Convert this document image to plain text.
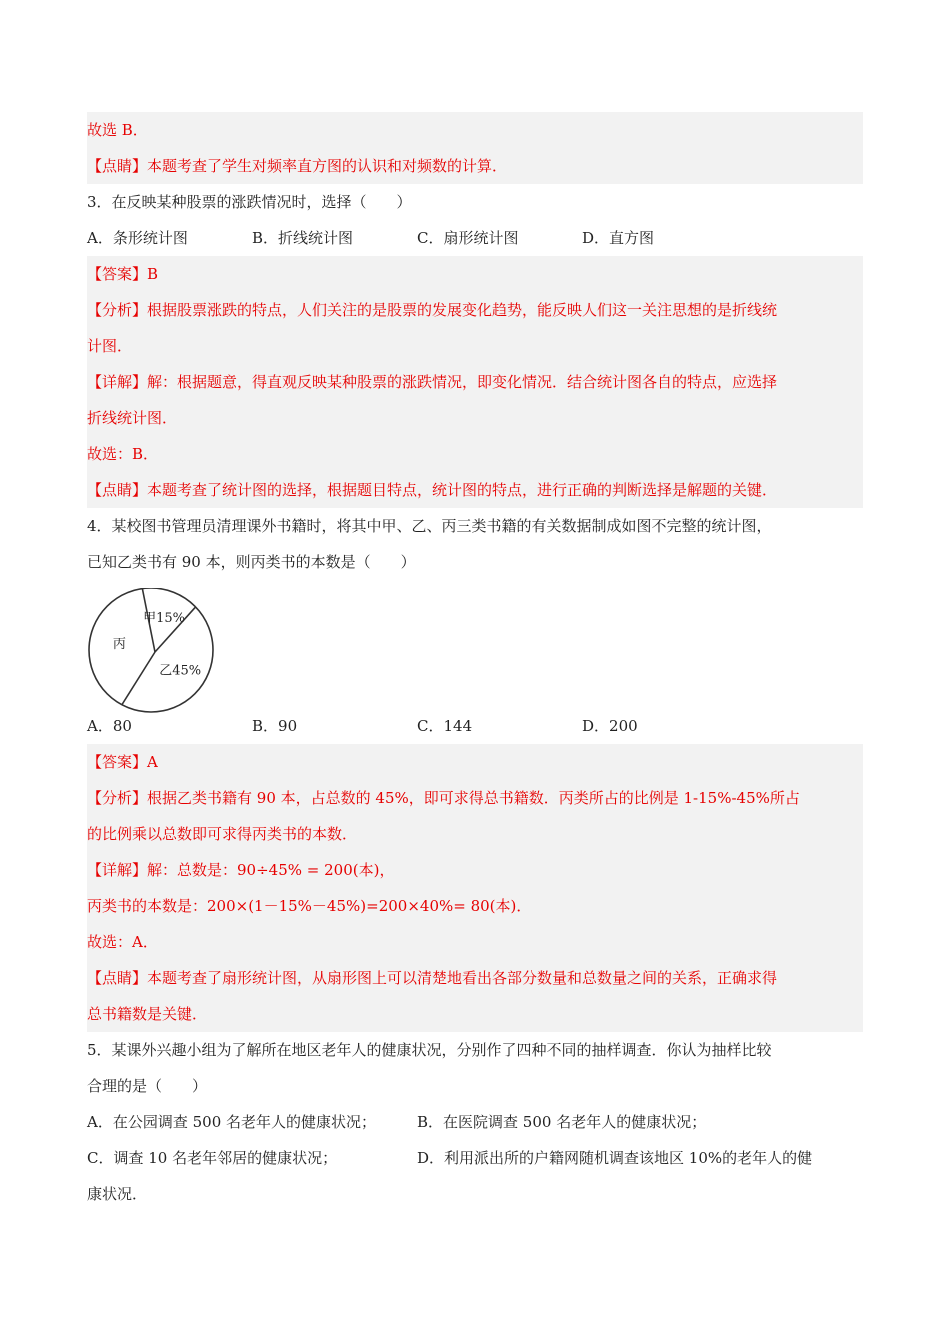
故选 B．
【点睛】本题考查了学生对频率直方图的认识和对频数的计算．
3．在反映某种股票的涨跌情况时，选择（　　）
A．条形统计图	B．折线统计图	C．扇形统计图	D．直方图
【答案】B
【分析】根据股票涨跌的特点，人们关注的是股票的发展变化趋势，能反映人们这一关注思想的是折线统
计图．
【详解】解：根据题意，得直观反映某种股票的涨跌情况，即变化情况．结合统计图各自的特点，应选择
折线统计图．
故选：B．
【点睛】本题考查了统计图的选择，根据题目特点，统计图的特点，进行正确的判断选择是解题的关键．
4．某校图书管理员清理课外书籍时，将其中甲、乙、丙三类书籍的有关数据制成如图不完整的统计图，
已知乙类书有 90 本，则丙类书的本数是（　　）
甲15%
乙45%
丙
A．80	B．90	C．144	D．200
【答案】A
【分析】根据乙类书籍有 90 本，占总数的 45%，即可求得总书籍数．丙类所占的比例是 1-15%-45%所占
的比例乘以总数即可求得丙类书的本数．
【详解】解：总数是：90÷45% = 200(本)，
丙类书的本数是：200×(1－15%－45%)=200×40%= 80(本)．
故选：A．
【点睛】本题考查了扇形统计图，从扇形图上可以清楚地看出各部分数量和总数量之间的关系，正确求得
总书籍数是关键．
5．某课外兴趣小组为了解所在地区老年人的健康状况，分别作了四种不同的抽样调查．你认为抽样比较
合理的是（　　）
A．在公园调查 500 名老年人的健康状况；	B．在医院调查 500 名老年人的健康状况；
C．调查 10 名老年邻居的健康状况；	D．利用派出所的户籍网随机调查该地区 10%的老年人的健
康状况．
